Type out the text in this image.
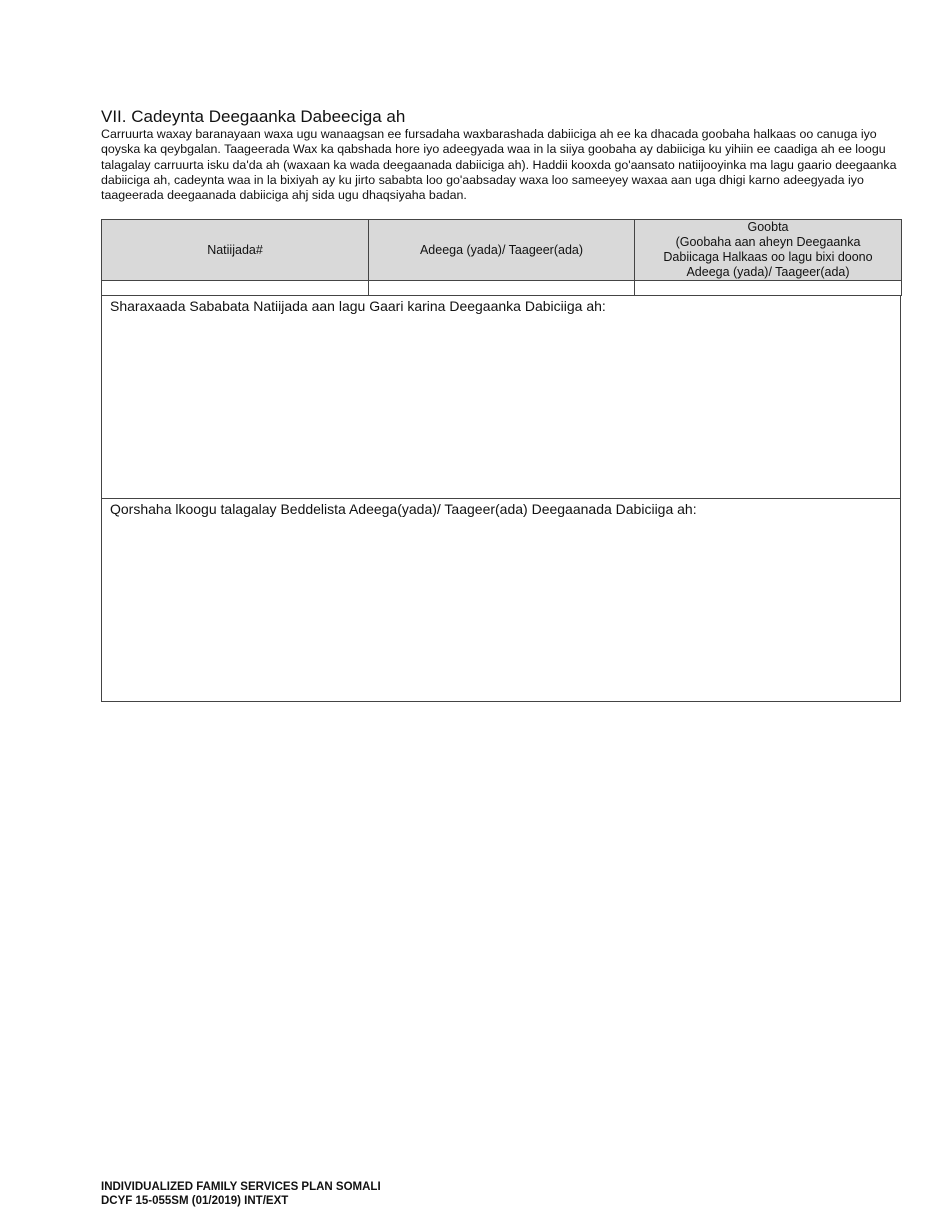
VII. Cadeynta Deegaanka Dabeeciga ah

Carruurta waxay baranayaan waxa ugu wanaagsan ee fursadaha waxbarashada dabiiciga ah ee ka dhacada goobaha halkaas oo canuga iyo qoyska ka qeybgalan. Taageerada Wax ka qabshada hore iyo adeegyada waa in la siiya goobaha ay dabiiciga ku yihiin ee caadiga ah ee loogu talagalay carruurta isku da'da ah (waxaan ka wada deegaanada dabiiciga ah). Haddii kooxda go'aansato natiijooyinka ma lagu gaario deegaanka dabiiciga ah, cadeynta waa in la bixiyah ay ku jirto sababta loo go'aabsaday waxa loo sameeyey waxaa aan uga dhigi karno adeegyada iyo taageerada deegaanada dabiiciga ahj sida ugu dhaqsiyaha badan.

Natiijada#	Adeega (yada)/ Taageer(ada)	Goobta
(Goobaha aan aheyn Deegaanka
Dabiicaga Halkaas oo lagu bixi doono
Adeega (yada)/ Taageer(ada)

Sharaxaada Sababata Natiijada aan lagu Gaari karina Deegaanka Dabiciiga ah:
Qorshaha lkoogu talagalay Beddelista Adeega(yada)/ Taageer(ada) Deegaanada Dabiciiga ah:
INDIVIDUALIZED FAMILY SERVICES PLAN SOMALI
DCYF 15-055SM (01/2019) INT/EXT
